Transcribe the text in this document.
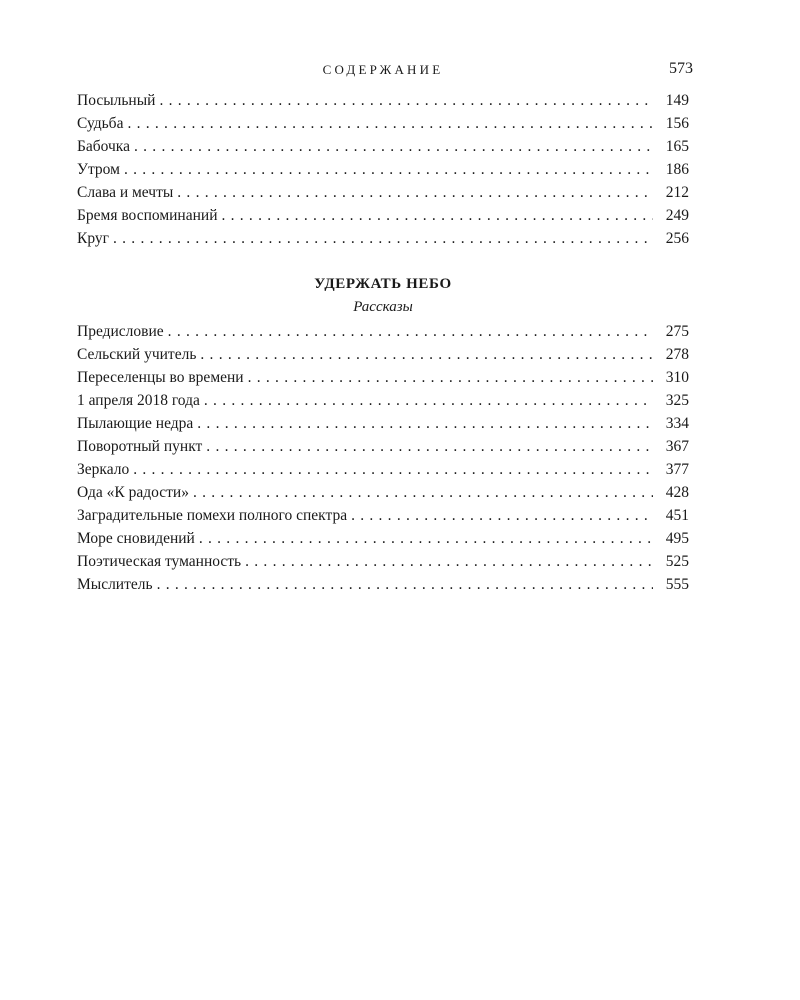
СОДЕРЖАНИЕ	573
Посыльный . . .	149
Судьба . . .	156
Бабочка . . .	165
Утром . . .	186
Слава и мечты . . .	212
Бремя воспоминаний . . .	249
Круг . . .	256
УДЕРЖАТЬ НЕБО
Рассказы
Предисловие . . .	275
Сельский учитель . . .	278
Переселенцы во времени . . .	310
1 апреля 2018 года . . .	325
Пылающие недра . . .	334
Поворотный пункт . . .	367
Зеркало . . .	377
Ода «К радости» . . .	428
Заградительные помехи полного спектра . . .	451
Море сновидений . . .	495
Поэтическая туманность . . .	525
Мыслитель . . .	555
